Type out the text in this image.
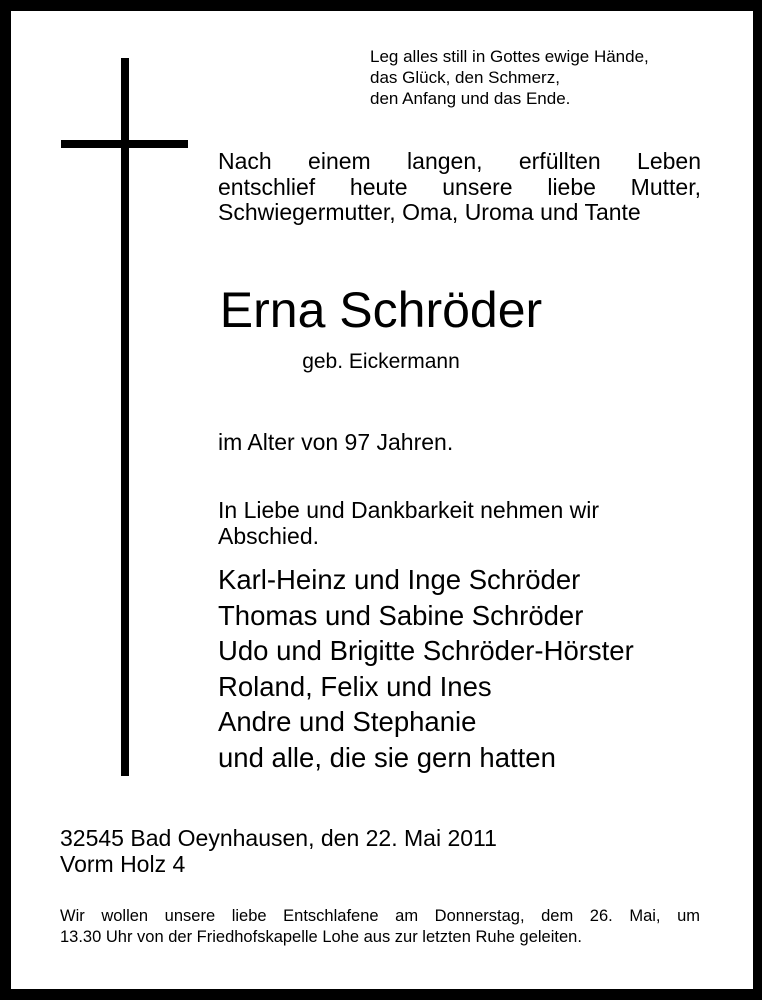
Leg alles still in Gottes ewige Hände,
das Glück, den Schmerz,
den Anfang und das Ende.
Nach einem langen, erfüllten Leben
entschlief heute unsere liebe Mutter,
Schwiegermutter, Oma, Uroma und Tante
Erna Schröder
geb. Eickermann
im Alter von 97 Jahren.
In Liebe und Dankbarkeit nehmen wir
Abschied.
Karl-Heinz und Inge Schröder
Thomas und Sabine Schröder
Udo und Brigitte Schröder-Hörster
Roland, Felix und Ines
Andre und Stephanie
und alle, die sie gern hatten
32545 Bad Oeynhausen, den 22. Mai 2011
Vorm Holz 4
Wir wollen unsere liebe Entschlafene am Donnerstag, dem 26. Mai, um
13.30 Uhr von der Friedhofskapelle Lohe aus zur letzten Ruhe geleiten.
